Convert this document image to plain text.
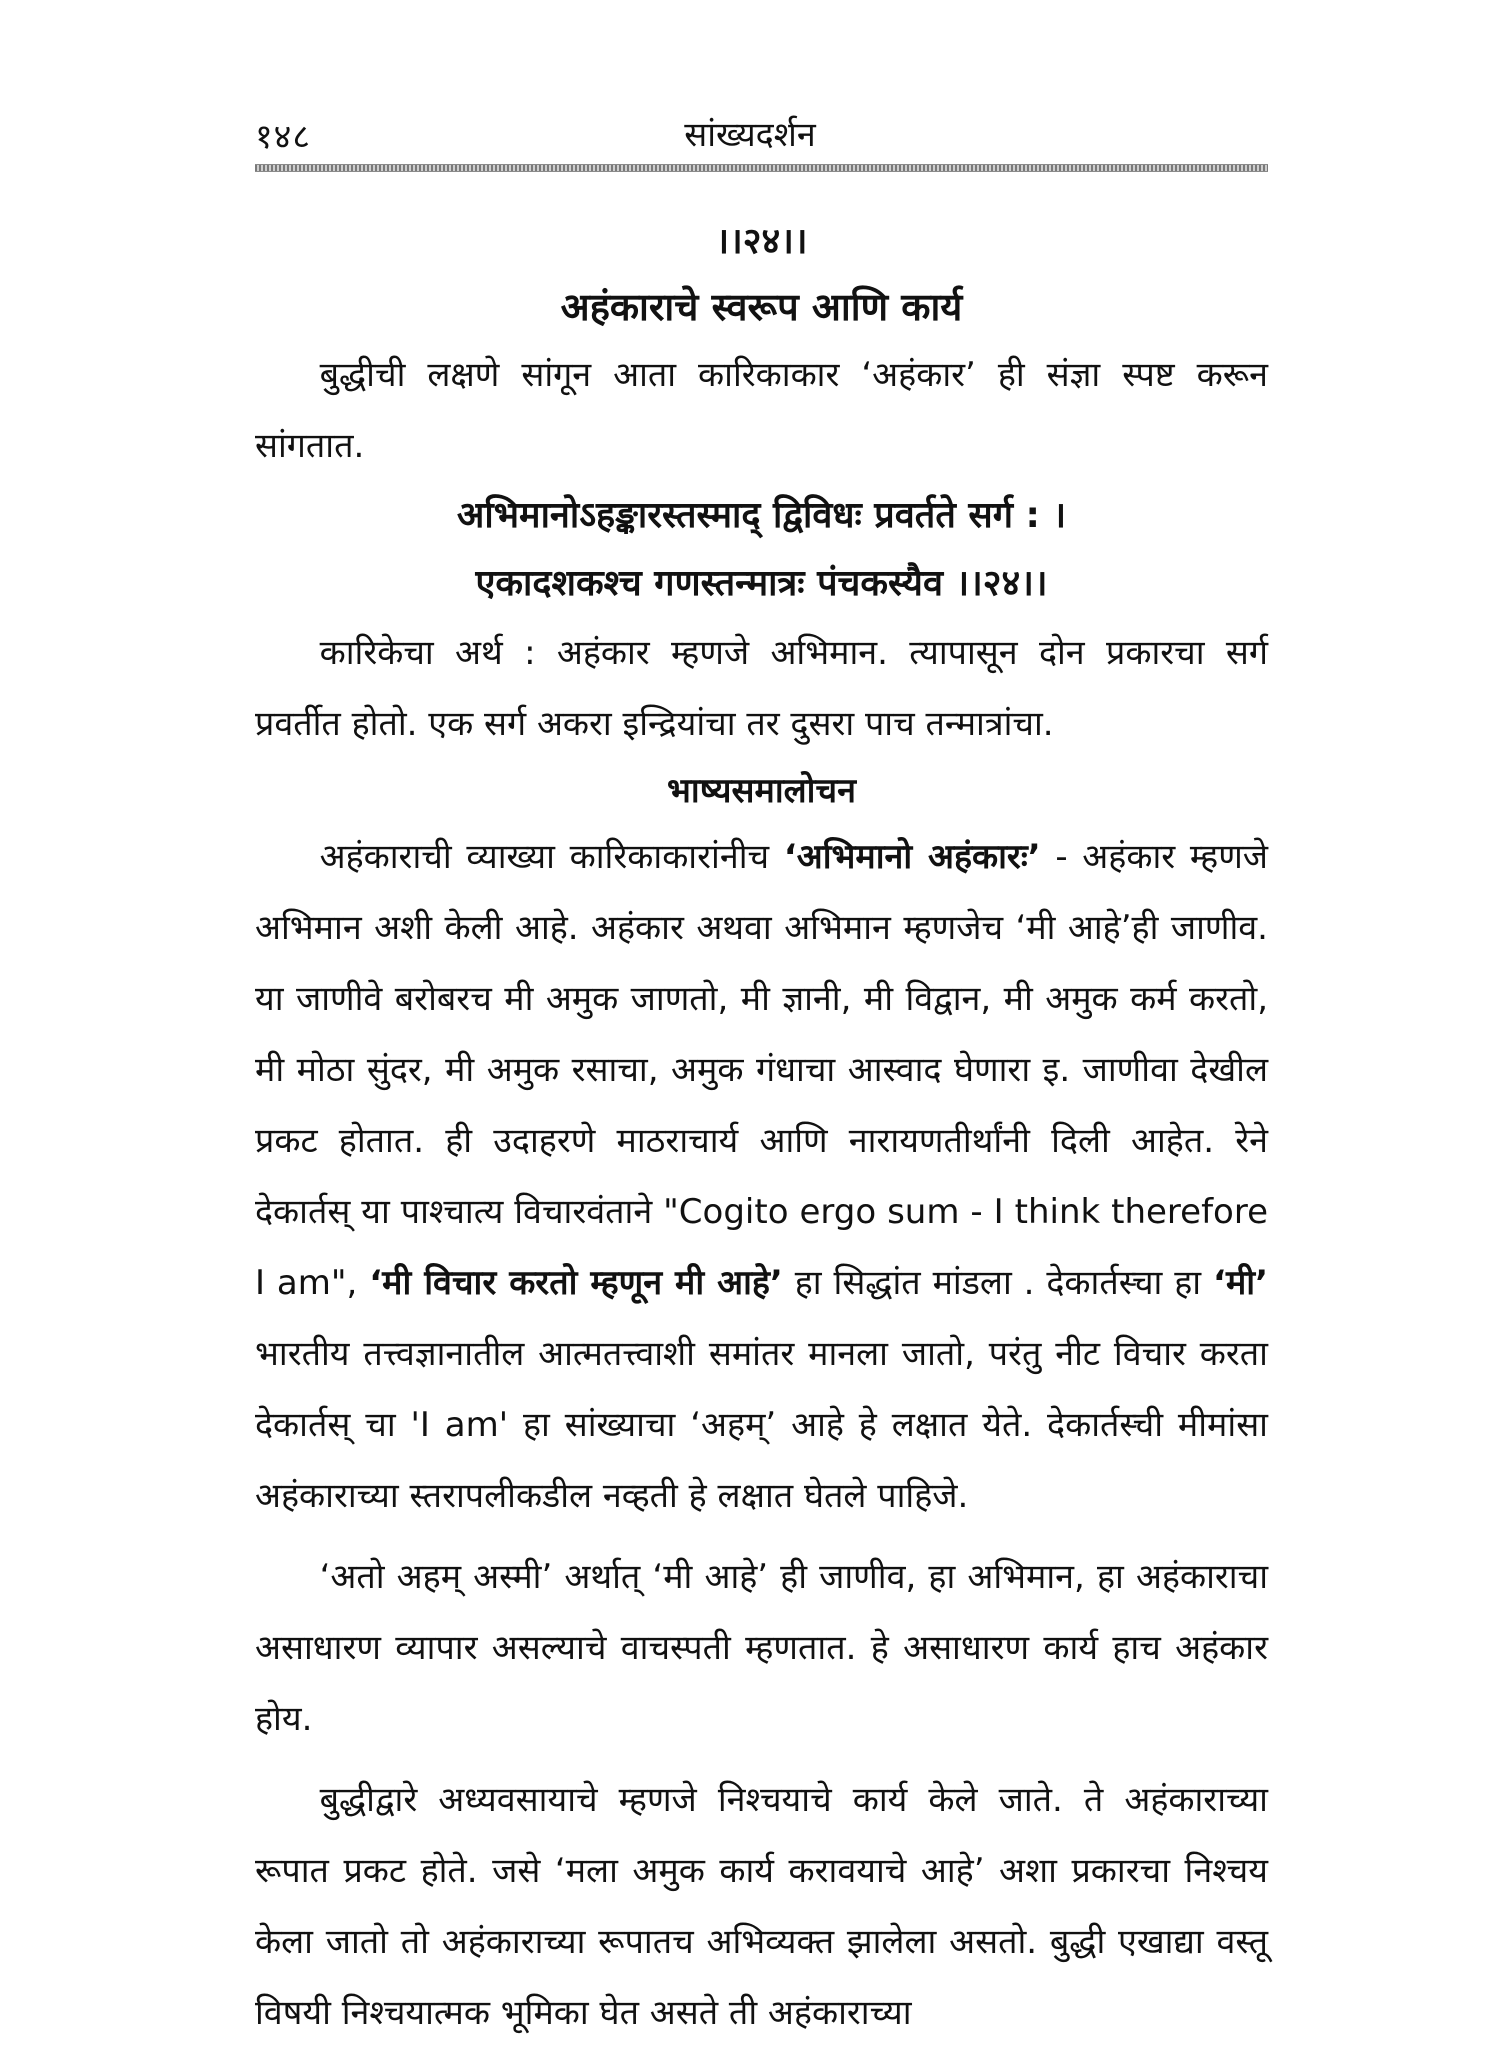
१४८	सांख्यदर्शन

।।२४।।

अहंकाराचे स्वरूप आणि कार्य

बुद्धीची लक्षणे सांगून आता कारिकाकार ‘अहंकार’ ही संज्ञा स्पष्ट करून सांगतात.

अभिमानोऽहङ्कारस्तस्माद् द्विविधः प्रवर्तते सर्ग : ।

एकादशकश्च गणस्तन्मात्रः पंचकस्यैव ।।२४।।

कारिकेचा अर्थ : अहंकार म्हणजे अभिमान. त्यापासून दोन प्रकारचा सर्ग प्रवर्तीत होतो. एक सर्ग अकरा इन्द्रियांचा तर दुसरा पाच तन्मात्रांचा.

भाष्यसमालोचन

अहंकाराची व्याख्या कारिकाकारांनीच ‘अभिमानो अहंकारः’ - अहंकार म्हणजे अभिमान अशी केली आहे. अहंकार अथवा अभिमान म्हणजेच ‘मी आहे’ही जाणीव. या जाणीवे बरोबरच मी अमुक जाणतो, मी ज्ञानी, मी विद्वान, मी अमुक कर्म करतो, मी मोठा सुंदर, मी अमुक रसाचा, अमुक गंधाचा आस्वाद घेणारा इ. जाणीवा देखील प्रकट होतात. ही उदाहरणे माठराचार्य आणि नारायणतीर्थांनी दिली आहेत. रेने देकार्तस् या पाश्चात्य विचारवंताने "Cogito ergo sum - I think therefore I am", ‘मी विचार करतो म्हणून मी आहे’ हा सिद्धांत मांडला . देकार्तस्चा हा ‘मी’ भारतीय तत्त्वज्ञानातील आत्मतत्त्वाशी समांतर मानला जातो, परंतु नीट विचार करता देकार्तस् चा 'I am' हा सांख्याचा ‘अहम्’ आहे हे लक्षात येते. देकार्तस्ची मीमांसा अहंकाराच्या स्तरापलीकडील नव्हती हे लक्षात घेतले पाहिजे.

‘अतो अहम् अस्मी’ अर्थात् ‘मी आहे’ ही जाणीव, हा अभिमान, हा अहंकाराचा असाधारण व्यापार असल्याचे वाचस्पती म्हणतात. हे असाधारण कार्य हाच अहंकार होय.

बुद्धीद्वारे अध्यवसायाचे म्हणजे निश्चयाचे कार्य केले जाते. ते अहंकाराच्या रूपात प्रकट होते. जसे ‘मला अमुक कार्य करावयाचे आहे’ अशा प्रकारचा निश्चय केला जातो तो अहंकाराच्या रूपातच अभिव्यक्त झालेला असतो. बुद्धी एखाद्या वस्तू विषयी निश्चयात्मक भूमिका घेत असते ती अहंकाराच्या
